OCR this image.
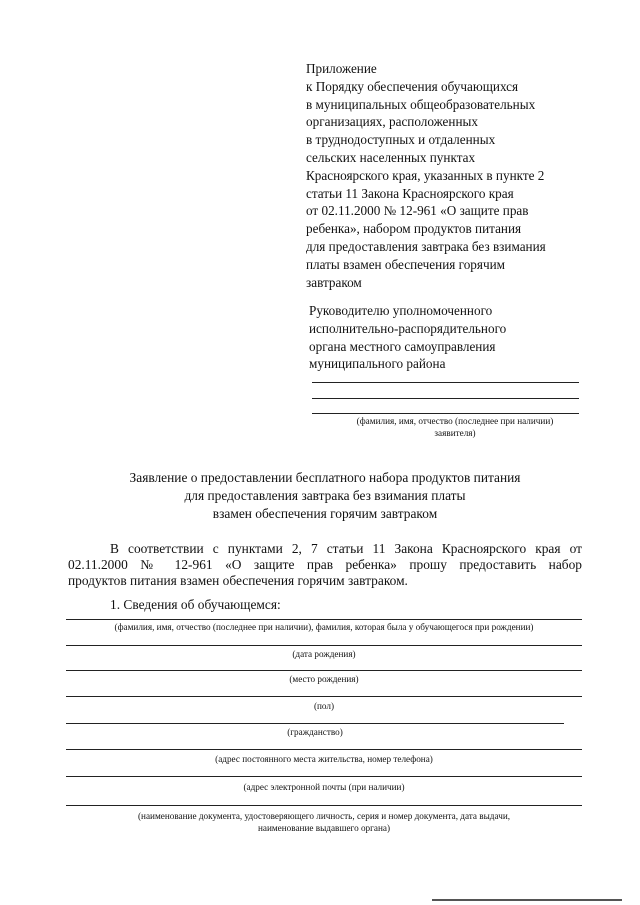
Приложение
к Порядку обеспечения обучающихся
в муниципальных общеобразовательных
организациях, расположенных
в труднодоступных и отдаленных
сельских населенных пунктах
Красноярского края, указанных в пункте 2
статьи 11 Закона Красноярского края
от 02.11.2000 № 12-961 «О защите прав
ребенка», набором продуктов питания
для предоставления завтрака без взимания
платы взамен обеспечения горячим
завтраком
Руководителю уполномоченного
исполнительно-распорядительного
органа местного самоуправления
муниципального района
(фамилия, имя, отчество (последнее при наличии)
заявителя)
Заявление о предоставлении бесплатного набора продуктов питания
для предоставления завтрака без взимания платы
взамен обеспечения горячим завтраком
В соответствии с пунктами 2, 7 статьи 11 Закона Красноярского края от
02.11.2000 № 12-961 «О защите прав ребенка» прошу предоставить набор
продуктов питания взамен обеспечения горячим завтраком.
1. Сведения об обучающемся:
(фамилия, имя, отчество (последнее при наличии), фамилия, которая была у обучающегося при рождении)
(дата рождения)
(место рождения)
(пол)
(гражданство)
(адрес постоянного места жительства, номер телефона)
(адрес электронной почты (при наличии)
(наименование документа, удостоверяющего личность, серия и номер документа, дата выдачи,
наименование выдавшего органа)
